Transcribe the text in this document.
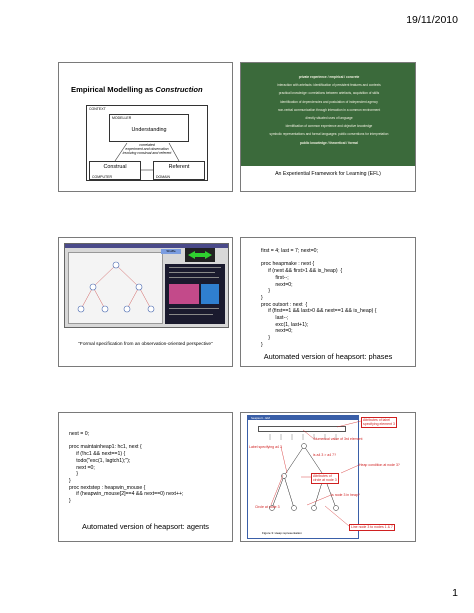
19/11/2010
Empirical Modelling as Construction
CONTEXT
MODELLER
Understanding
correlated
experiment and observation
involving construal and referent
Construal
COMPUTER
Referent
DOMAIN
private experience / empirical / concrete
interaction with artefacts: identification of persistent features and contexts
practical knowledge: correlations between artefacts, acquisition of skills
identification of dependencies and postulation of independent agency
non-verbal communication through interaction in a common environment
directly situated uses of language
identification of common experience and objective knowledge
symbolic representations and formal languages: public conventions for interpretation
public knowledge / theoretical / formal
An Experiential Framework for Learning (EFL)
Shuffle
“Formal specification from an observation-oriented perspective”
first = 4; last = 7; next=0;

proc heapmake : next {
if (next && first>1 && is_heap)  {
first--;
next=0;
}
}
proc outsort : next  {
if (first==1 && last>0 && next==1 && is_heap) {
last--;
exc(1, last+1);
next=0;
}
}
Automated version of heapsort: phases
next = 0;

proc maintainheap1: hc1, next {
if (!hc1 && next==1) {
todo("exc(1, lagtch1);");
next =0;
}
}
proc nextstep : heapwin_mouse {
if (heapwin_mouse[2]==4 && next==0) next++;
}
Automated version of heapsort: agents
heapsort - EM
Figure 3: Heap representation
Attributes of label
specifying element 3
Numerical value of 3rd element
Label specifying a4 3
is a4 3 > a4 7?
Heap condition at node 3?
Attributes of
circle at node 3
Is node 3 in heap?
Circle at node 3
Line node 3 to nodes 1 & 7
1
